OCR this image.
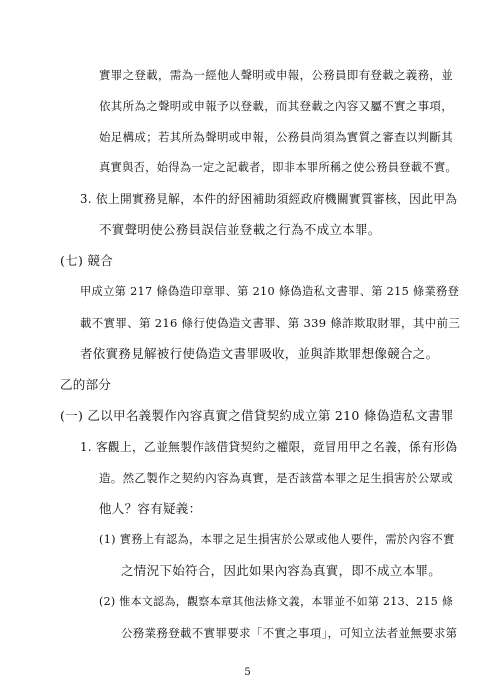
實罪之登載，需為一經他人聲明或申報，公務員即有登載之義務，並
依其所為之聲明或申報予以登載，而其登載之內容又屬不實之事項，
始足構成；若其所為聲明或申報，公務員尚須為實質之審查以判斷其
真實與否，始得為一定之記載者，即非本罪所稱之使公務員登載不實。
3. 依上開實務見解，本件的紓困補助須經政府機關實質審核，因此甲為
不實聲明使公務員誤信並登載之行為不成立本罪。
(七) 競合
甲成立第 217 條偽造印章罪、第 210 條偽造私文書罪、第 215 條業務登
載不實罪、第 216 條行使偽造文書罪、第 339 條詐欺取財罪，其中前三
者依實務見解被行使偽造文書罪吸收，並與詐欺罪想像競合之。
乙的部分
(一) 乙以甲名義製作內容真實之借貸契約成立第 210 條偽造私文書罪
1. 客觀上，乙並無製作該借貸契約之權限，竟冒用甲之名義，係有形偽
造。然乙製作之契約內容為真實，是否該當本罪之足生損害於公眾或
他人？容有疑義：
(1) 實務上有認為，本罪之足生損害於公眾或他人要件，需於內容不實
之情況下始符合，因此如果內容為真實，即不成立本罪。
(2) 惟本文認為，觀察本章其他法條文義，本罪並不如第 213、215 條
公務業務登載不實罪要求「不實之事項」，可知立法者並無要求第
5
